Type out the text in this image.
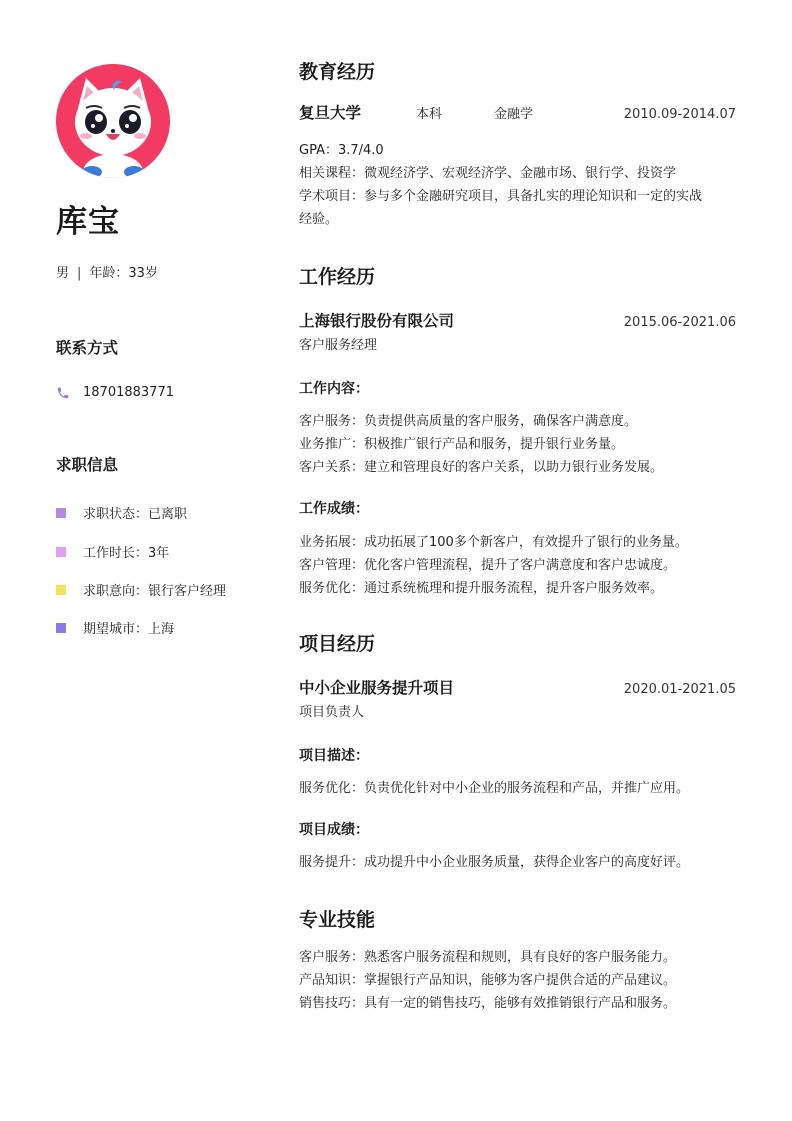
库宝
男 | 年龄：33岁
联系方式
18701883771
求职信息
求职状态：已离职
工作时长：3年
求职意向：银行客户经理
期望城市：上海
教育经历
复旦大学	本科	金融学	2010.09-2014.07
GPA：3.7/4.0
相关课程：微观经济学、宏观经济学、金融市场、银行学、投资学
学术项目：参与多个金融研究项目，具备扎实的理论知识和一定的实战
经验。
工作经历
上海银行股份有限公司	2015.06-2021.06
客户服务经理
工作内容：
客户服务：负责提供高质量的客户服务，确保客户满意度。
业务推广：积极推广银行产品和服务，提升银行业务量。
客户关系：建立和管理良好的客户关系，以助力银行业务发展。
工作成绩：
业务拓展：成功拓展了100多个新客户，有效提升了银行的业务量。
客户管理：优化客户管理流程，提升了客户满意度和客户忠诚度。
服务优化：通过系统梳理和提升服务流程，提升客户服务效率。
项目经历
中小企业服务提升项目	2020.01-2021.05
项目负责人
项目描述：
服务优化：负责优化针对中小企业的服务流程和产品，并推广应用。
项目成绩：
服务提升：成功提升中小企业服务质量，获得企业客户的高度好评。
专业技能
客户服务：熟悉客户服务流程和规则，具有良好的客户服务能力。
产品知识：掌握银行产品知识，能够为客户提供合适的产品建议。
销售技巧：具有一定的销售技巧，能够有效推销银行产品和服务。
